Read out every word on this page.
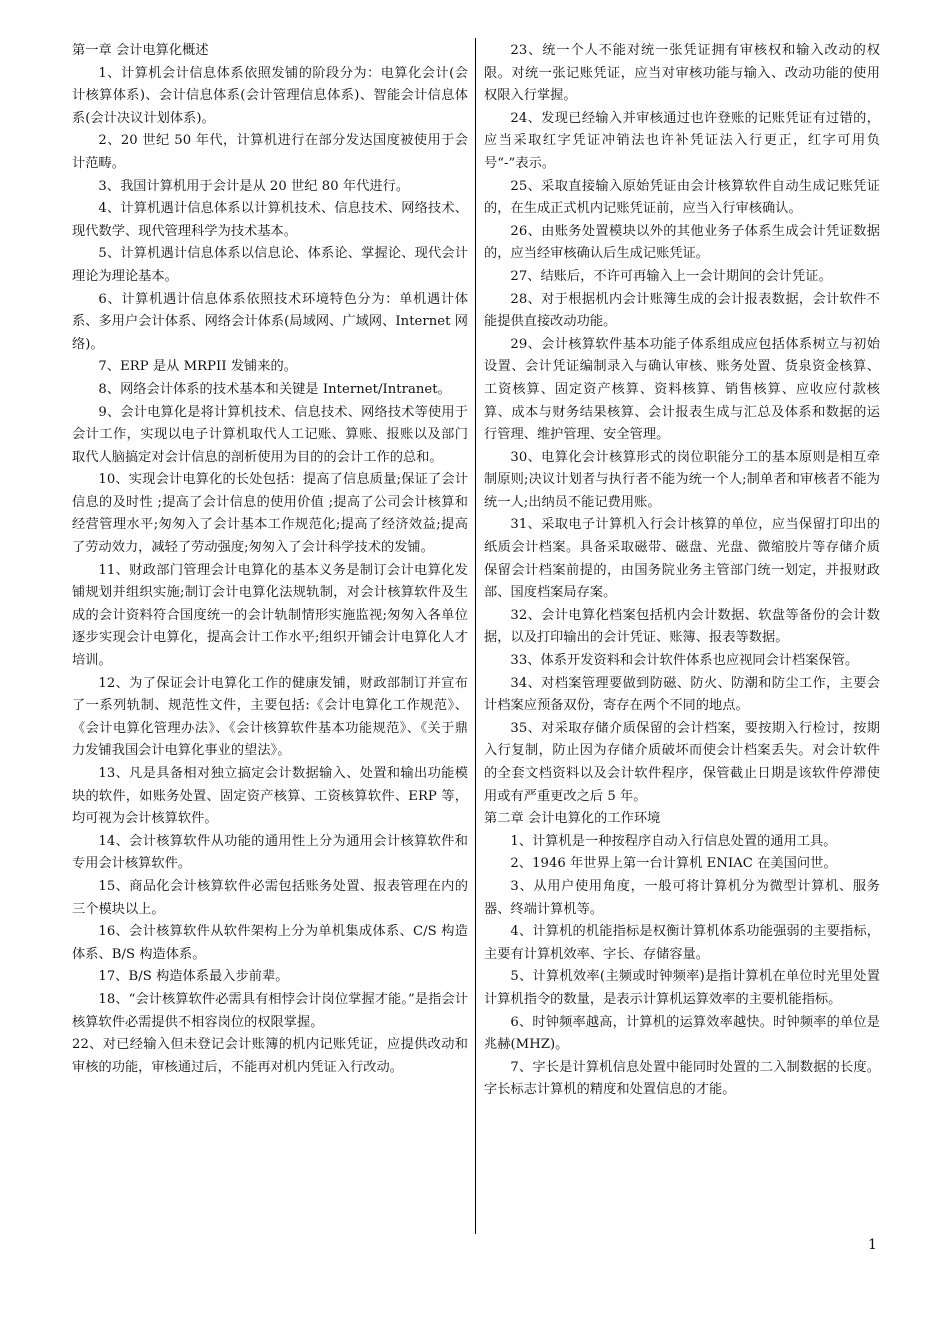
第一章 会计电算化概述

1、计算机会计信息体系依照发铺的阶段分为：电算化会计(会计核算体系)、会计信息体系(会计管理信息体系)、智能会计信息体系(会计决议计划体系)。

2、20 世纪 50 年代，计算机进行在部分发达国度被使用于会计范畴。

3、我国计算机用于会计是从 20 世纪 80 年代进行。

4、计算机遇计信息体系以计算机技术、信息技术、网络技术、现代数学、现代管理科学为技术基本。

5、计算机遇计信息体系以信息论、体系论、掌握论、现代会计理论为理论基本。

6、计算机遇计信息体系依照技术环境特色分为：单机遇计体系、多用户会计体系、网络会计体系(局域网、广域网、Internet 网络)。

7、ERP 是从 MRPII 发铺来的。

8、网络会计体系的技术基本和关键是 Internet/Intranet。

9、会计电算化是将计算机技术、信息技术、网络技术等使用于会计工作，实现以电子计算机取代人工记账、算账、报账以及部门取代人脑搞定对会计信息的剖析使用为目的的会计工作的总和。

10、实现会计电算化的长处包括：提高了信息质量;保证了会计信息的及时性 ;提高了会计信息的使用价值 ;提高了公司会计核算和经营管理水平;匆匆入了会计基本工作规范化;提高了经济效益;提高了劳动效力，减轻了劳动强度;匆匆入了会计科学技术的发铺。

11、财政部门管理会计电算化的基本义务是制订会计电算化发铺规划并组织实施;制订会计电算化法规轨制，对会计核算软件及生成的会计资料符合国度统一的会计轨制情形实施监视;匆匆入各单位逐步实现会计电算化，提高会计工作水平;组织开铺会计电算化人才培训。

12、为了保证会计电算化工作的健康发铺，财政部制订并宣布了一系列轨制、规范性文件，主要包括:《会计电算化工作规范》、《会计电算化管理办法》、《会计核算软件基本功能规范》、《关于鼎力发铺我国会计电算化事业的望法》。

13、凡是具备相对独立搞定会计数据输入、处置和输出功能模块的软件，如账务处置、固定资产核算、工资核算软件、ERP 等，均可视为会计核算软件。

14、会计核算软件从功能的通用性上分为通用会计核算软件和专用会计核算软件。

15、商品化会计核算软件必需包括账务处置、报表管理在内的三个模块以上。

16、会计核算软件从软件架构上分为单机集成体系、C/S 构造体系、B/S 构造体系。

17、B/S 构造体系最入步前辈。

18、“会计核算软件必需具有相悖会计岗位掌握才能。”是指会计核算软件必需提供不相容岗位的权限掌握。

22、对已经输入但未登记会计账簿的机内记账凭证，应提供改动和审核的功能，审核通过后，不能再对机内凭证入行改动。

23、统一个人不能对统一张凭证拥有审核权和输入改动的权限。对统一张记账凭证，应当对审核功能与输入、改动功能的使用权限入行掌握。

24、发现已经输入并审核通过也许登账的记账凭证有过错的，应当采取红字凭证冲销法也许补凭证法入行更正，红字可用负号“-”表示。

25、采取直接输入原始凭证由会计核算软件自动生成记账凭证的，在生成正式机内记账凭证前，应当入行审核确认。

26、由账务处置模块以外的其他业务子体系生成会计凭证数据的，应当经审核确认后生成记账凭证。

27、结账后，不许可再输入上一会计期间的会计凭证。

28、对于根据机内会计账簿生成的会计报表数据，会计软件不能提供直接改动功能。

29、会计核算软件基本功能子体系组成应包括体系树立与初始设置、会计凭证编制录入与确认审核、账务处置、货泉资金核算、工资核算、固定资产核算、资料核算、销售核算、应收应付款核算、成本与财务结果核算、会计报表生成与汇总及体系和数据的运行管理、维护管理、安全管理。

30、电算化会计核算形式的岗位职能分工的基本原则是相互牵制原则;决议计划者与执行者不能为统一个人;制单者和审核者不能为统一人;出纳员不能记费用账。

31、采取电子计算机入行会计核算的单位，应当保留打印出的纸质会计档案。具备采取磁带、磁盘、光盘、微缩胶片等存储介质保留会计档案前提的，由国务院业务主管部门统一划定，并报财政部、国度档案局存案。

32、会计电算化档案包括机内会计数据、软盘等备份的会计数据，以及打印输出的会计凭证、账簿、报表等数据。

33、体系开发资料和会计软件体系也应视同会计档案保管。

34、对档案管理要做到防磁、防火、防潮和防尘工作，主要会计档案应预备双份，寄存在两个不同的地点。

35、对采取存储介质保留的会计档案，要按期入行检讨，按期入行复制，防止因为存储介质破坏而使会计档案丢失。对会计软件的全套文档资料以及会计软件程序，保管截止日期是该软件停滞使用或有严重更改之后 5 年。

第二章 会计电算化的工作环境

1、计算机是一种按程序自动入行信息处置的通用工具。

2、1946 年世界上第一台计算机 ENIAC 在美国问世。

3、从用户使用角度，一般可将计算机分为微型计算机、服务器、终端计算机等。

4、计算机的机能指标是权衡计算机体系功能强弱的主要指标，主要有计算机效率、字长、存储容量。

5、计算机效率(主频或时钟频率)是指计算机在单位时光里处置计算机指令的数量，是表示计算机运算效率的主要机能指标。

6、时钟频率越高，计算机的运算效率越快。时钟频率的单位是兆赫(MHZ)。

7、字长是计算机信息处置中能同时处置的二入制数据的长度。字长标志计算机的精度和处置信息的才能。

1
